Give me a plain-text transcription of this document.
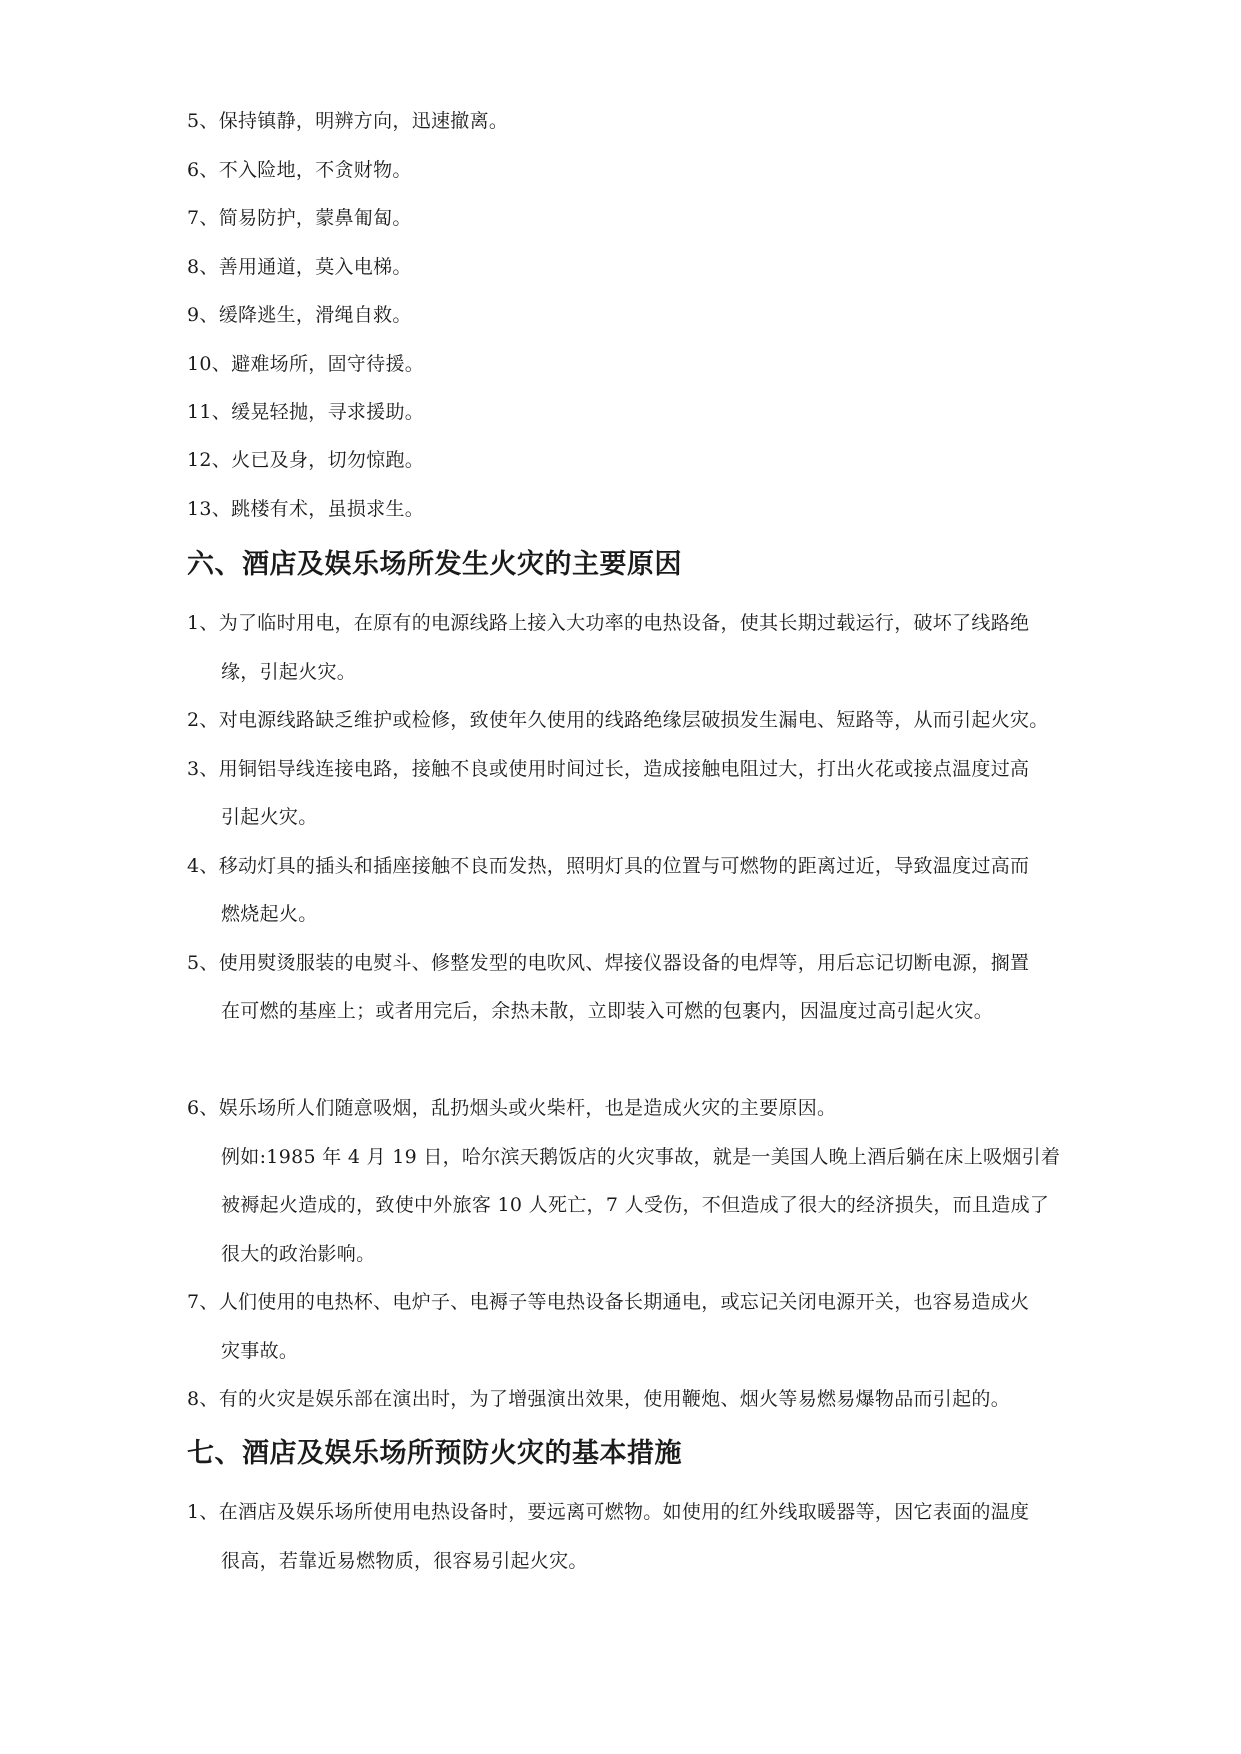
5、保持镇静，明辨方向，迅速撤离。
6、不入险地，不贪财物。
7、简易防护，蒙鼻匍匐。
8、善用通道，莫入电梯。
9、缓降逃生，滑绳自救。
10、避难场所，固守待援。
11、缓晃轻抛，寻求援助。
12、火已及身，切勿惊跑。
13、跳楼有术，虽损求生。
六、酒店及娱乐场所发生火灾的主要原因
1、为了临时用电，在原有的电源线路上接入大功率的电热设备，使其长期过载运行，破坏了线路绝
缘，引起火灾。
2、对电源线路缺乏维护或检修，致使年久使用的线路绝缘层破损发生漏电、短路等，从而引起火灾。
3、用铜铝导线连接电路，接触不良或使用时间过长，造成接触电阻过大，打出火花或接点温度过高
引起火灾。
4、移动灯具的插头和插座接触不良而发热，照明灯具的位置与可燃物的距离过近，导致温度过高而
燃烧起火。
5、使用熨烫服装的电熨斗、修整发型的电吹风、焊接仪器设备的电焊等，用后忘记切断电源，搁置
在可燃的基座上；或者用完后，余热未散，立即装入可燃的包裹内，因温度过高引起火灾。
6、娱乐场所人们随意吸烟，乱扔烟头或火柴杆，也是造成火灾的主要原因。
例如:1985 年 4 月 19 日，哈尔滨天鹅饭店的火灾事故，就是一美国人晚上酒后躺在床上吸烟引着
被褥起火造成的，致使中外旅客 10 人死亡，7 人受伤，不但造成了很大的经济损失，而且造成了
很大的政治影响。
7、人们使用的电热杯、电炉子、电褥子等电热设备长期通电，或忘记关闭电源开关，也容易造成火
灾事故。
8、有的火灾是娱乐部在演出时，为了增强演出效果，使用鞭炮、烟火等易燃易爆物品而引起的。
七、酒店及娱乐场所预防火灾的基本措施
1、在酒店及娱乐场所使用电热设备时，要远离可燃物。如使用的红外线取暖器等，因它表面的温度
很高，若靠近易燃物质，很容易引起火灾。
